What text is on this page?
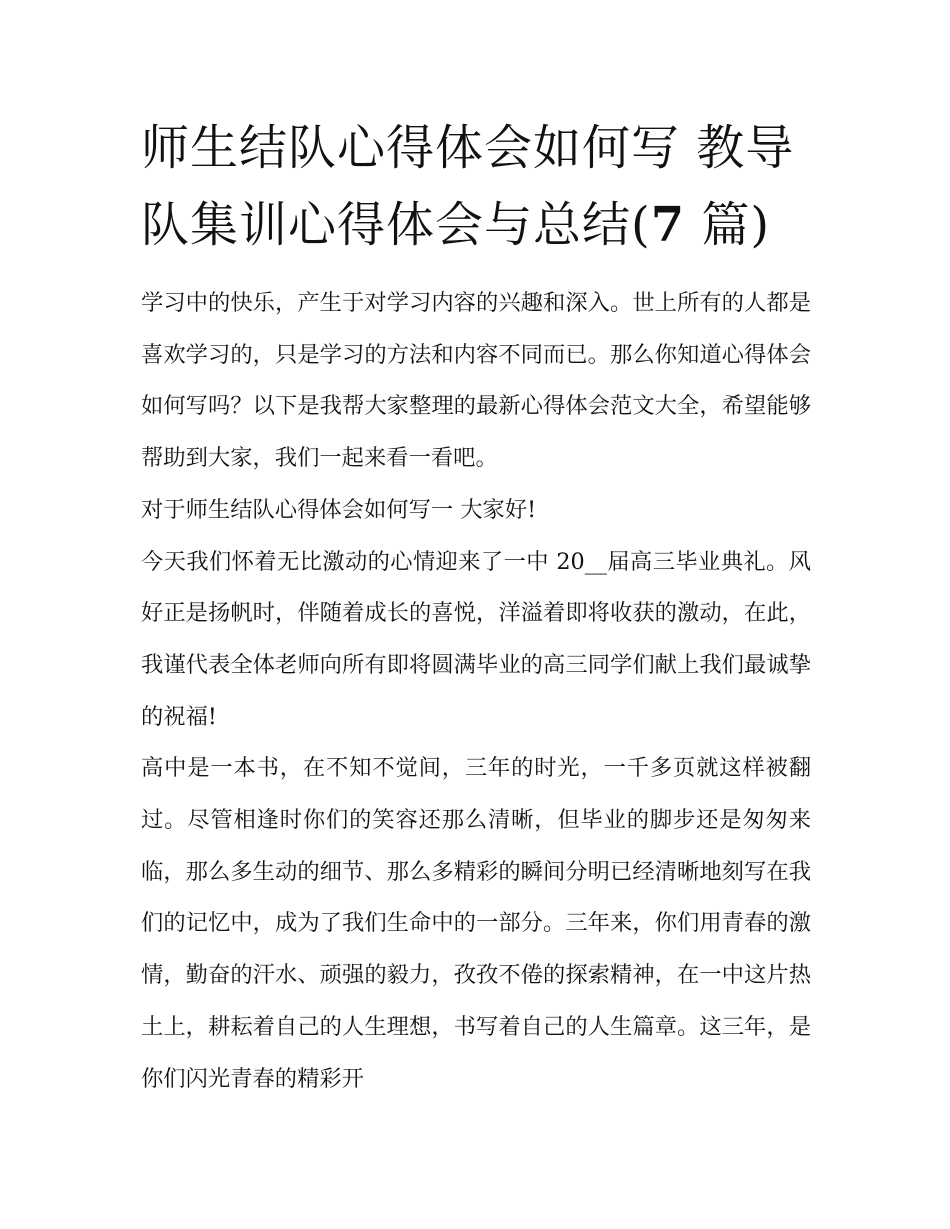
师生结队心得体会如何写 教导队集训心得体会与总结(7 篇)

学习中的快乐，产生于对学习内容的兴趣和深入。世上所有的人都是喜欢学习的，只是学习的方法和内容不同而已。那么你知道心得体会如何写吗？以下是我帮大家整理的最新心得体会范文大全，希望能够帮助到大家，我们一起来看一看吧。

对于师生结队心得体会如何写一 大家好!

今天我们怀着无比激动的心情迎来了一中 20__届高三毕业典礼。风好正是扬帆时，伴随着成长的喜悦，洋溢着即将收获的激动，在此，我谨代表全体老师向所有即将圆满毕业的高三同学们献上我们最诚挚的祝福!

高中是一本书，在不知不觉间，三年的时光，一千多页就这样被翻过。尽管相逢时你们的笑容还那么清晰，但毕业的脚步还是匆匆来临，那么多生动的细节、那么多精彩的瞬间分明已经清晰地刻写在我们的记忆中，成为了我们生命中的一部分。三年来，你们用青春的激情，勤奋的汗水、顽强的毅力，孜孜不倦的探索精神，在一中这片热土上，耕耘着自己的人生理想，书写着自己的人生篇章。这三年，是你们闪光青春的精彩开
